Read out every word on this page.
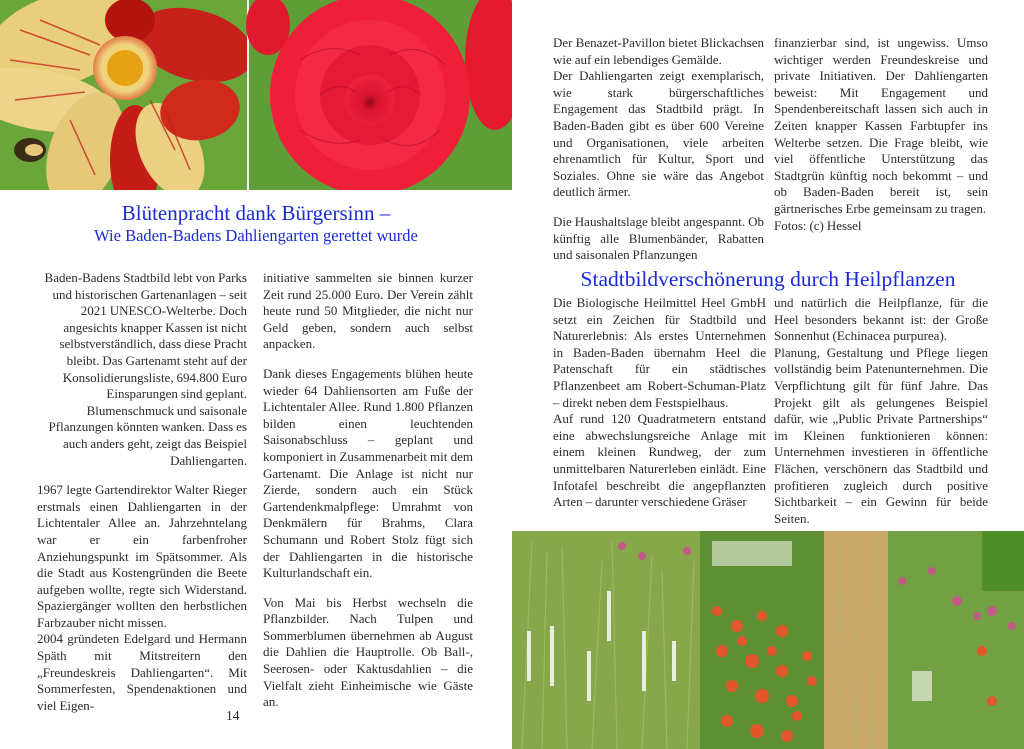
Blütenpracht dank Bürgersinn –
Wie Baden-Badens Dahliengarten gerettet wurde

Baden-Badens Stadtbild lebt von Parks und historischen Gartenanlagen – seit 2021 UNESCO-Welterbe. Doch angesichts knapper Kassen ist nicht selbstverständlich, dass diese Pracht bleibt. Das Gartenamt steht auf der Konsolidierungsliste, 694.800 Euro Einsparungen sind geplant. Blumenschmuck und saisonale Pflanzungen könnten wanken. Dass es auch anders geht, zeigt das Beispiel Dahliengarten.

1967 legte Gartendirektor Walter Rieger erstmals einen Dahliengarten in der Lichtentaler Allee an. Jahrzehntelang war er ein farbenfroher Anziehungspunkt im Spätsommer. Als die Stadt aus Kostengründen die Beete aufgeben wollte, regte sich Widerstand. Spaziergänger wollten den herbstlichen Farbzauber nicht missen.

2004 gründeten Edelgard und Hermann Späth mit Mitstreitern den „Freundeskreis Dahliengarten“. Mit Sommerfesten, Spendenaktionen und viel Eigen-

initiative sammelten sie binnen kurzer Zeit rund 25.000 Euro. Der Verein zählt heute rund 50 Mitglieder, die nicht nur Geld geben, sondern auch selbst anpacken.

Dank dieses Engagements blühen heute wieder 64 Dahliensorten am Fuße der Lichtentaler Allee. Rund 1.800 Pflanzen bilden einen leuchtenden Saisonabschluss – geplant und komponiert in Zusammenarbeit mit dem Gartenamt. Die Anlage ist nicht nur Zierde, sondern auch ein Stück Gartendenkmalpflege: Umrahmt von Denkmälern für Brahms, Clara Schumann und Robert Stolz fügt sich der Dahliengarten in die historische Kulturlandschaft ein.

Von Mai bis Herbst wechseln die Pflanzbilder. Nach Tulpen und Sommerblumen übernehmen ab August die Dahlien die Hauptrolle. Ob Ball-, Seerosen- oder Kaktusdahlien – die Vielfalt zieht Einheimische wie Gäste an.

14

Der Benazet-Pavillon bietet Blickachsen wie auf ein lebendiges Gemälde.

Der Dahliengarten zeigt exemplarisch, wie stark bürgerschaftliches Engagement das Stadtbild prägt. In Baden-Baden gibt es über 600 Vereine und Organisationen, viele arbeiten ehrenamtlich für Kultur, Sport und Soziales. Ohne sie wäre das Angebot deutlich ärmer.

Die Haushaltslage bleibt angespannt. Ob künftig alle Blumenbänder, Rabatten und saisonalen Pflanzungen

finanzierbar sind, ist ungewiss. Umso wichtiger werden Freundeskreise und private Initiativen. Der Dahliengarten beweist: Mit Engagement und Spendenbereitschaft lassen sich auch in Zeiten knapper Kassen Farbtupfer ins Welterbe setzen. Die Frage bleibt, wie viel öffentliche Unterstützung das Stadtgrün künftig noch bekommt – und ob Baden-Baden bereit ist, sein gärtnerisches Erbe gemeinsam zu tragen.

Fotos: (c) Hessel

Stadtbildverschönerung durch Heilpflanzen

Die Biologische Heilmittel Heel GmbH setzt ein Zeichen für Stadtbild und Naturerlebnis: Als erstes Unternehmen in Baden-Baden übernahm Heel die Patenschaft für ein städtisches Pflanzenbeet am Robert-Schuman-Platz – direkt neben dem Festspielhaus.

Auf rund 120 Quadratmetern entstand eine abwechslungsreiche Anlage mit einem kleinen Rundweg, der zum unmittelbaren Naturerleben einlädt. Eine Infotafel beschreibt die angepflanzten Arten – darunter verschiedene Gräser

und natürlich die Heilpflanze, für die Heel besonders bekannt ist: der Große Sonnenhut (Echinacea purpurea).

Planung, Gestaltung und Pflege liegen vollständig beim Patenunternehmen. Die Verpflichtung gilt für fünf Jahre. Das Projekt gilt als gelungenes Beispiel dafür, wie „Public Private Partnerships“ im Kleinen funktionieren können: Unternehmen investieren in öffentliche Flächen, verschönern das Stadtbild und profitieren zugleich durch positive Sichtbarkeit – ein Gewinn für beide Seiten.
